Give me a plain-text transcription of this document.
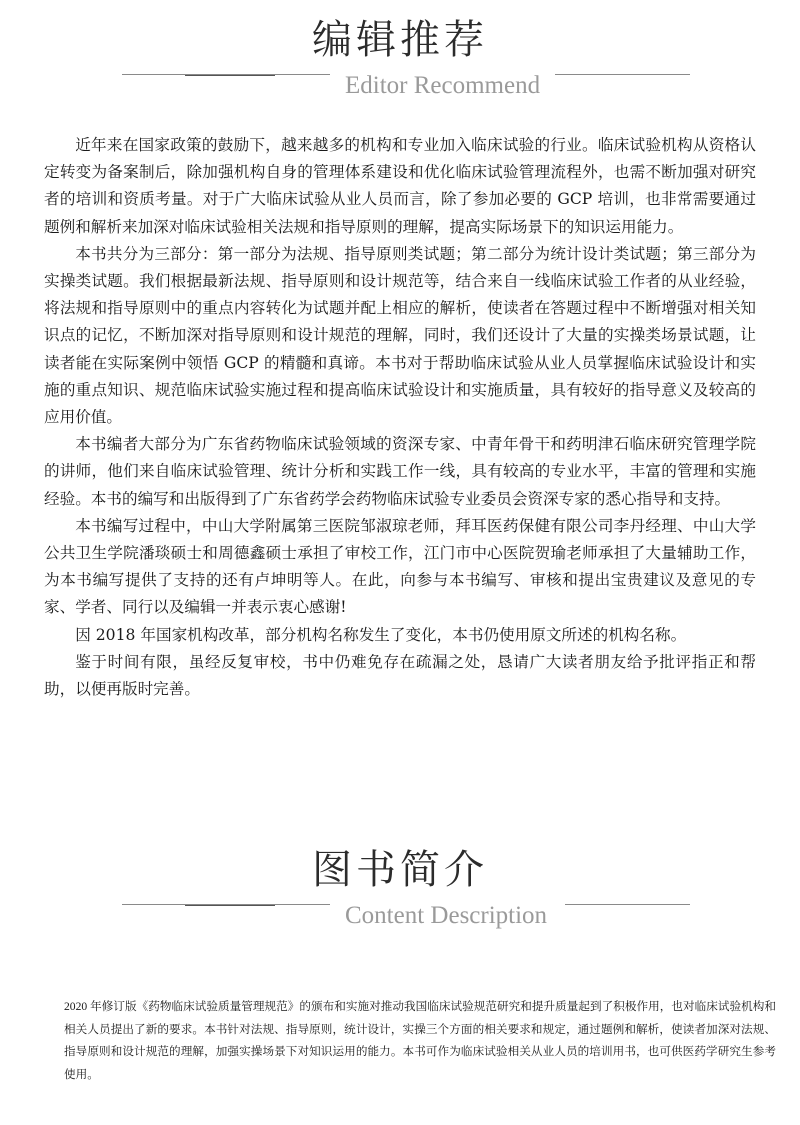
编辑推荐
Editor Recommend

近年来在国家政策的鼓励下，越来越多的机构和专业加入临床试验的行业。临床试验机构从资格认定转变为备案制后，除加强机构自身的管理体系建设和优化临床试验管理流程外，也需不断加强对研究者的培训和资质考量。对于广大临床试验从业人员而言，除了参加必要的 GCP 培训，也非常需要通过题例和解析来加深对临床试验相关法规和指导原则的理解，提高实际场景下的知识运用能力。

本书共分为三部分：第一部分为法规、指导原则类试题；第二部分为统计设计类试题；第三部分为实操类试题。我们根据最新法规、指导原则和设计规范等，结合来自一线临床试验工作者的从业经验，将法规和指导原则中的重点内容转化为试题并配上相应的解析，使读者在答题过程中不断增强对相关知识点的记忆，不断加深对指导原则和设计规范的理解，同时，我们还设计了大量的实操类场景试题，让读者能在实际案例中领悟 GCP 的精髓和真谛。本书对于帮助临床试验从业人员掌握临床试验设计和实施的重点知识、规范临床试验实施过程和提高临床试验设计和实施质量，具有较好的指导意义及较高的应用价值。

本书编者大部分为广东省药物临床试验领域的资深专家、中青年骨干和药明津石临床研究管理学院的讲师，他们来自临床试验管理、统计分析和实践工作一线，具有较高的专业水平，丰富的管理和实施经验。本书的编写和出版得到了广东省药学会药物临床试验专业委员会资深专家的悉心指导和支持。

本书编写过程中，中山大学附属第三医院邹淑琼老师，拜耳医药保健有限公司李丹经理、中山大学公共卫生学院潘琰硕士和周德鑫硕士承担了审校工作，江门市中心医院贺瑜老师承担了大量辅助工作，为本书编写提供了支持的还有卢坤明等人。在此，向参与本书编写、审核和提出宝贵建议及意见的专家、学者、同行以及编辑一并表示衷心感谢!

因 2018 年国家机构改革，部分机构名称发生了变化，本书仍使用原文所述的机构名称。

鉴于时间有限，虽经反复审校，书中仍难免存在疏漏之处，恳请广大读者朋友给予批评指正和帮助，以便再版时完善。

图书简介
Content Description

2020 年修订版《药物临床试验质量管理规范》的颁布和实施对推动我国临床试验规范研究和提升质量起到了积极作用，也对临床试验机构和相关人员提出了新的要求。本书针对法规、指导原则，统计设计，实操三个方面的相关要求和规定，通过题例和解析，使读者加深对法规、指导原则和设计规范的理解，加强实操场景下对知识运用的能力。本书可作为临床试验相关从业人员的培训用书，也可供医药学研究生参考使用。
